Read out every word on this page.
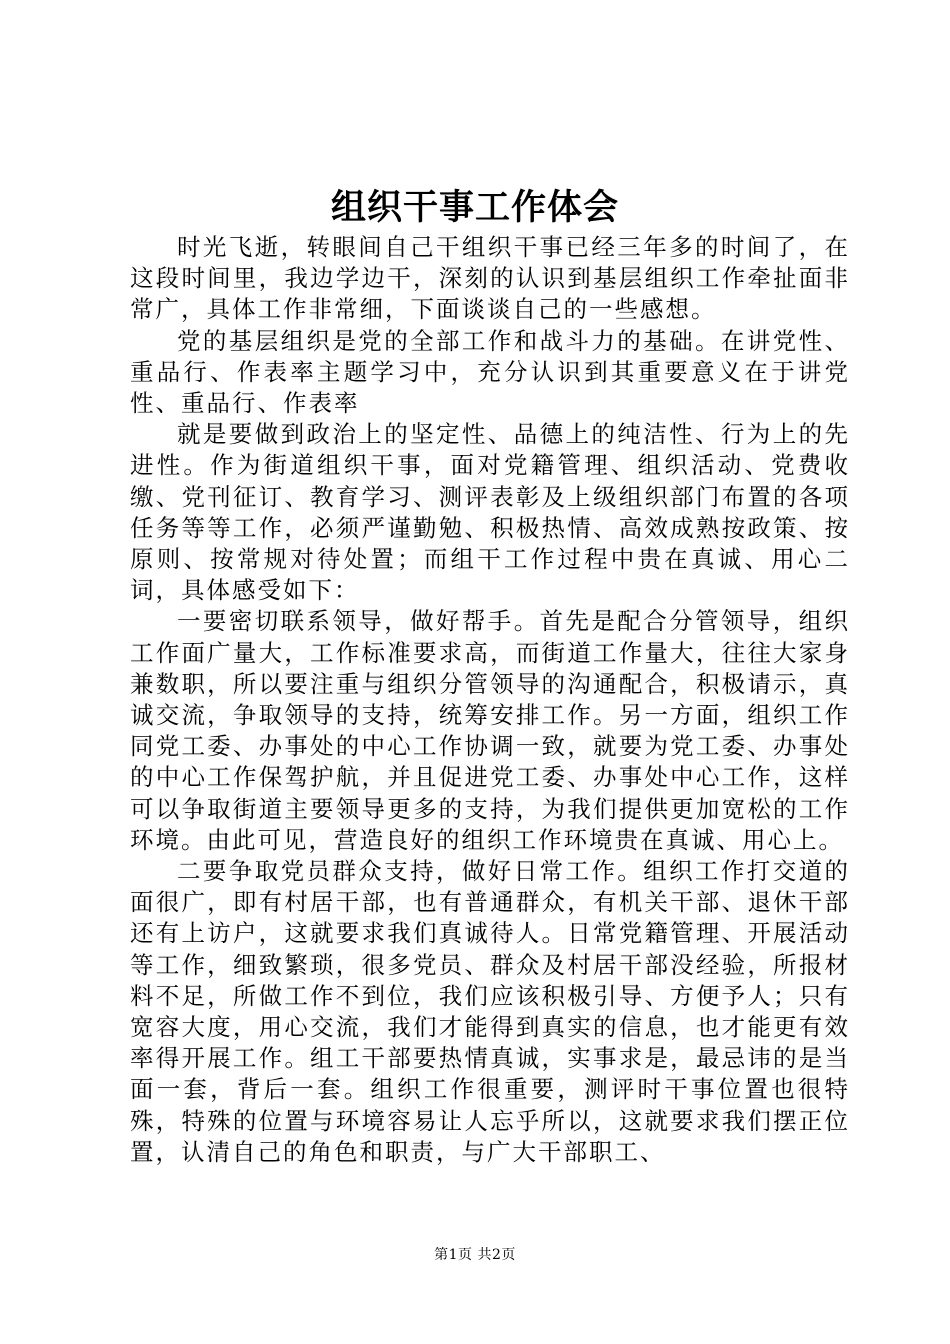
组织干事工作体会

时光飞逝，转眼间自己干组织干事已经三年多的时间了，在这段时间里，我边学边干，深刻的认识到基层组织工作牵扯面非常广，具体工作非常细，下面谈谈自己的一些感想。

党的基层组织是党的全部工作和战斗力的基础。在讲党性、重品行、作表率主题学习中，充分认识到其重要意义在于讲党性、重品行、作表率

就是要做到政治上的坚定性、品德上的纯洁性、行为上的先进性。作为街道组织干事，面对党籍管理、组织活动、党费收缴、党刊征订、教育学习、测评表彰及上级组织部门布置的各项任务等等工作，必须严谨勤勉、积极热情、高效成熟按政策、按原则、按常规对待处置；而组干工作过程中贵在真诚、用心二词，具体感受如下：

一要密切联系领导，做好帮手。首先是配合分管领导，组织工作面广量大，工作标准要求高，而街道工作量大，往往大家身兼数职，所以要注重与组织分管领导的沟通配合，积极请示，真诚交流，争取领导的支持，统筹安排工作。另一方面，组织工作同党工委、办事处的中心工作协调一致，就要为党工委、办事处的中心工作保驾护航，并且促进党工委、办事处中心工作，这样可以争取街道主要领导更多的支持，为我们提供更加宽松的工作环境。由此可见，营造良好的组织工作环境贵在真诚、用心上。

二要争取党员群众支持，做好日常工作。组织工作打交道的面很广，即有村居干部，也有普通群众，有机关干部、退休干部还有上访户，这就要求我们真诚待人。日常党籍管理、开展活动等工作，细致繁琐，很多党员、群众及村居干部没经验，所报材料不足，所做工作不到位，我们应该积极引导、方便予人；只有宽容大度，用心交流，我们才能得到真实的信息，也才能更有效率得开展工作。组工干部要热情真诚，实事求是，最忌讳的是当面一套，背后一套。组织工作很重要，测评时干事位置也很特殊，特殊的位置与环境容易让人忘乎所以，这就要求我们摆正位置，认清自己的角色和职责，与广大干部职工、

第1页 共2页
